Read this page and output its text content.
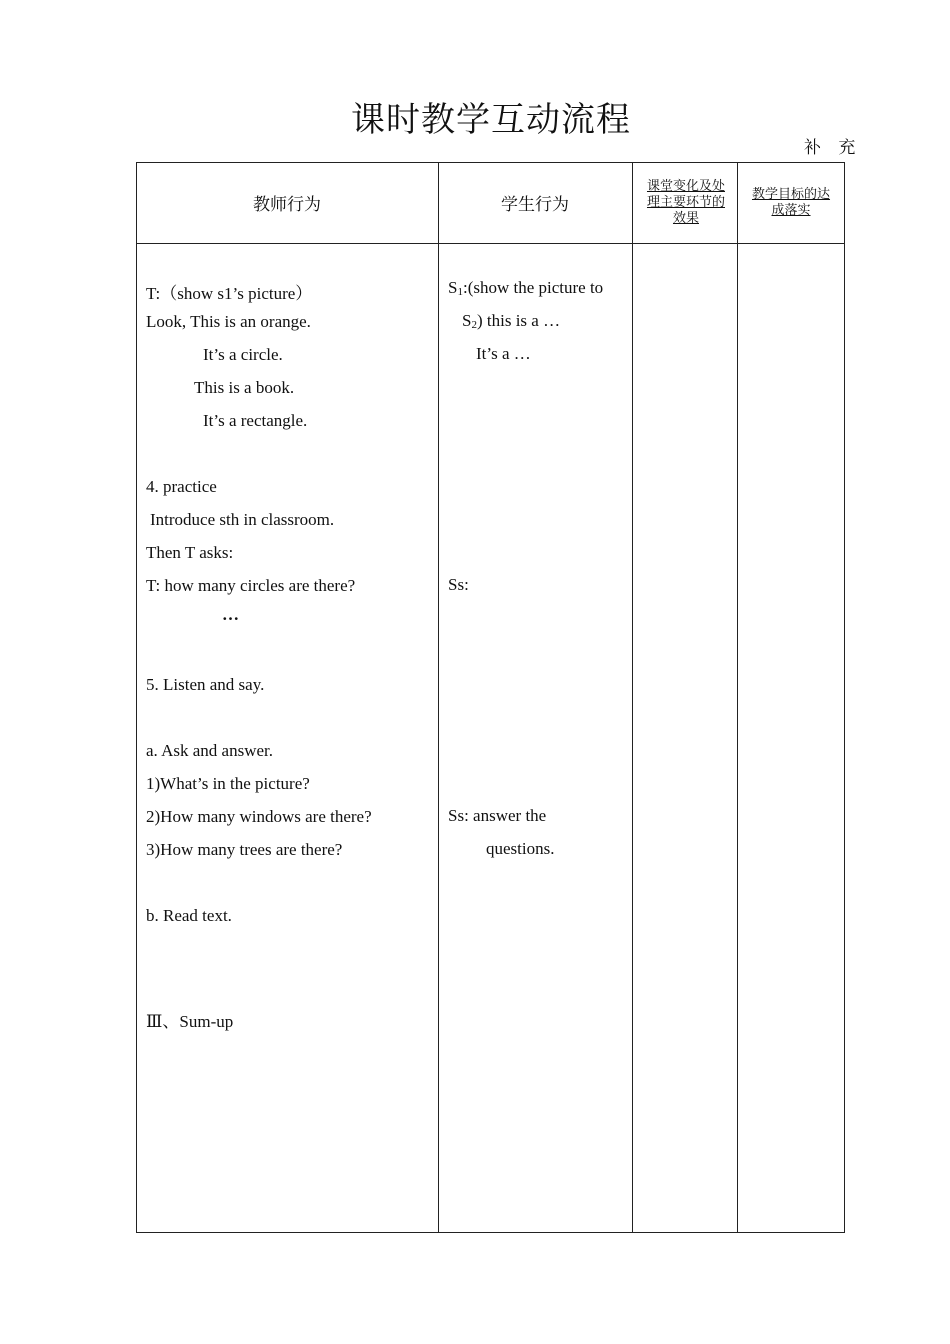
课时教学互动流程
补 充
教师行为	学生行为
课堂变化及处理主要环节的效果
教学目标的达成落实
T:（show s1’s picture）
Look, This is an orange.
It’s a circle.
This is a book.
It’s a rectangle.
4. practice
Introduce sth in classroom.
Then T asks:
T: how many circles are there?
…
5. Listen and say.
a. Ask and answer.
1)What’s in the picture?
2)How many windows are there?
3)How many trees are there?
b. Read text.
Ⅲ、Sum-up
$S_1:(show$ the picture to
$S_2$) this is a …
It’s a …
Ss:
Ss: answer the
questions.
